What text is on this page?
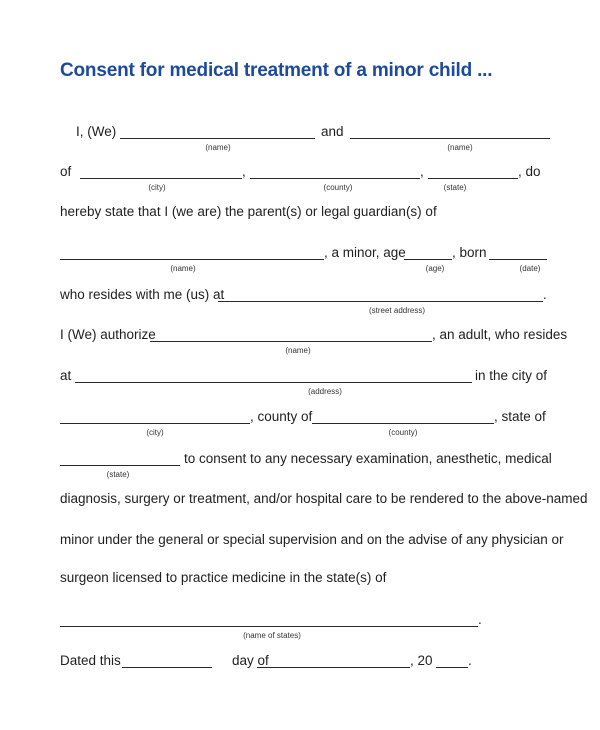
Consent for medical treatment of a minor child ...
I, (We)	and
(name)	(name)
of	,	,	, do
(city)	(county)	(state)
hereby state that I (we are) the parent(s) or legal guardian(s) of
, a minor, age	, born
(name)	(age)	(date)
who resides with me (us) at	.
(street address)
I (We) authorize	, an adult, who resides
(name)
at	in the city of
(address)
, county of	, state of
(city)	(county)
to consent to any necessary examination, anesthetic, medical
(state)
diagnosis, surgery or treatment, and/or hospital care to be rendered to the above-named
minor under the general or special supervision and on the advise of any physician or
surgeon licensed to practice medicine in the state(s) of
.
(name of states)
Dated this	day of	, 20	.
